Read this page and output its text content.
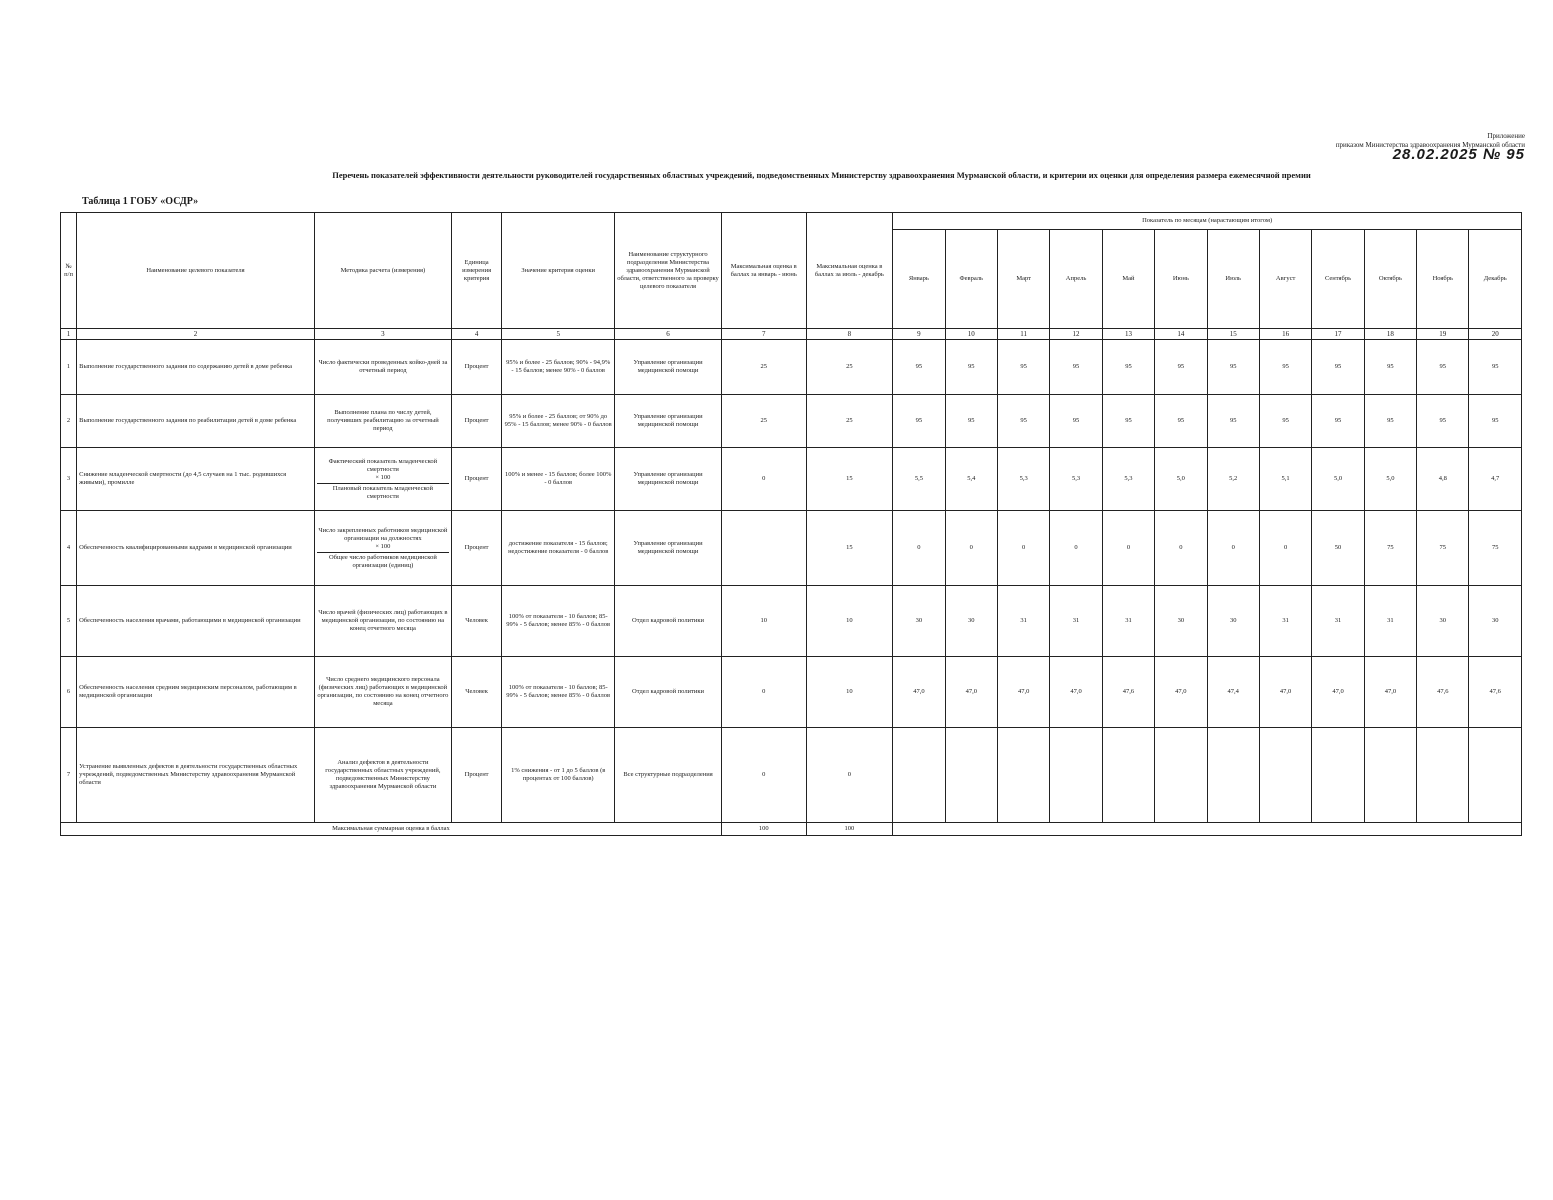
Приложение
приказом Министерства здравоохранения Мурманской области
28.02.2025 № 95
Перечень показателей эффективности деятельности руководителей государственных областных учреждений, подведомственных Министерству здравоохранения Мурманской области, и критерии их оценки для определения размера ежемесячной премии
Таблица 1 ГОБУ «ОСДР»
№ п/п	Наименование целевого показателя	Методика расчета (измерения)	Единица измерения критерия	Значение критерия оценки	Наименование структурного подразделения Министерства здравоохранения Мурманской области, ответственного за проверку целевого показателя	Максимальная оценка в баллах за январь - июнь	Максимальная оценка в баллах за июль - декабрь	Показатель по месяцам (нарастающим итогом)											
								Январь	Февраль	Март	Апрель	Май	Июнь	Июль	Август	Сентябрь	Октябрь	Ноябрь	Декабрь
1	2	3	4	5	6	7	8	9	10	11	12	13	14	15	16	17	18	19	20
1	Выполнение государственного задания по содержанию детей в доме ребенка	Число фактически проведенных койко-дней за отчетный период	Процент	95% и более - 25 баллов; 90% - 94,9% - 15 баллов; менее 90% - 0 баллов	Управление организации медицинской помощи	25	25	95	95	95	95	95	95	95	95	95	95	95	95
2	Выполнение государственного задания по реабилитации детей в доме ребенка	Выполнение плана по числу детей, получивших реабилитацию за отчетный период	Процент	95% и более - 25 баллов; от 90% до 95% - 15 баллов; менее 90% - 0 баллов	Управление организации медицинской помощи	25	25	95	95	95	95	95	95	95	95	95	95	95	95
3	Снижение младенческой смертности (до 4,5 случаев на 1 тыс. родившихся живыми), промилле	Фактический показатель младенческой смертности
× 100
Плановый показатель младенческой смертности	Процент	100% и менее - 15 баллов; более 100% - 0 баллов	Управление организации медицинской помощи	0	15	5,5	5,4	5,3	5,3	5,3	5,0	5,2	5,1	5,0	5,0	4,8	4,7
4	Обеспеченность квалифицированными кадрами в медицинской организации	Число закрепленных работников медицинской организации на должностях
× 100
Общее число работников медицинской организации (единиц)	Процент	достижение показателя - 15 баллов; недостижение показателя - 0 баллов	Управление организации медицинской помощи		15	0	0	0	0	0	0	0	0	50	75	75	75
5	Обеспеченность населения врачами, работающими в медицинской организации	Число врачей (физических лиц) работающих в медицинской организации, по состоянию на конец отчетного месяца	Человек	100% от показателя - 10 баллов; 85-99% - 5 баллов; менее 85% - 0 баллов	Отдел кадровой политики	10	10	30	30	31	31	31	30	30	31	31	31	30	30
6	Обеспеченность населения средним медицинским персоналом, работающим в медицинской организации	Число среднего медицинского персонала (физических лиц) работающих в медицинской организации, по состоянию на конец отчетного месяца	Человек	100% от показателя - 10 баллов; 85-99% - 5 баллов; менее 85% - 0 баллов	Отдел кадровой политики	0	10	47,0	47,0	47,0	47,0	47,6	47,0	47,4	47,0	47,0	47,0	47,6	47,6
7	Устранение выявленных дефектов в деятельности государственных областных учреждений, подведомственных Министерству здравоохранения Мурманской области	Анализ дефектов в деятельности государственных областных учреждений, подведомственных Министерству здравоохранения Мурманской области	Процент	1% снижения - от 1 до 5 баллов (в процентах от 100 баллов)	Все структурные подразделения	0	0												
Максимальная суммарная оценка в баллах						100	100												
